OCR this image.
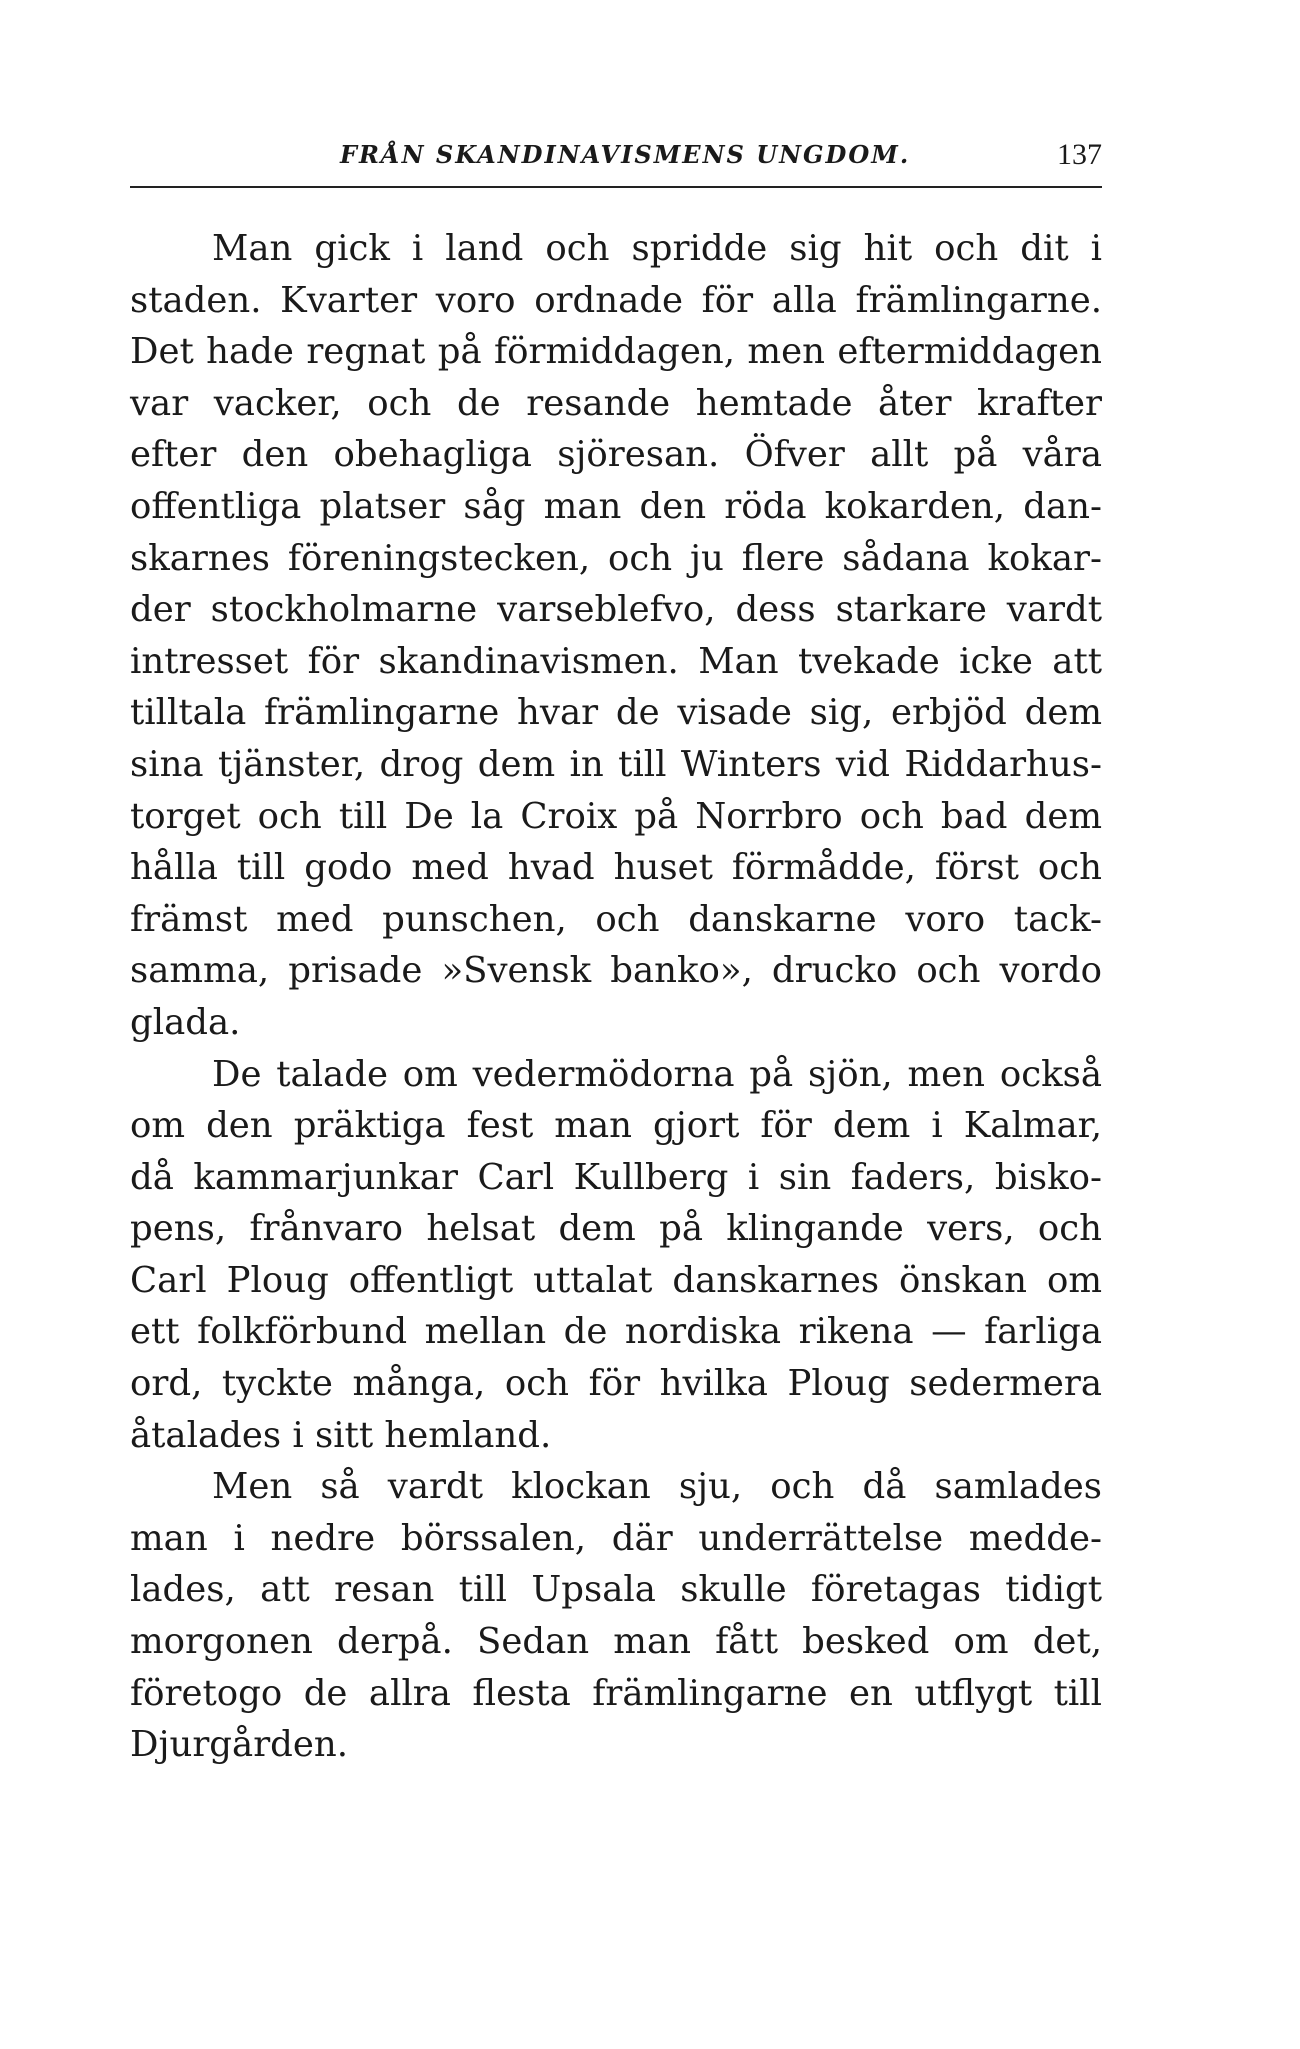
FRÅN SKANDINAVISMENS UNGDOM.	137
Man gick i land och spridde sig hit och dit i
staden. Kvarter voro ordnade för alla främlingarne.
Det hade regnat på förmiddagen, men eftermiddagen
var vacker, och de resande hemtade åter krafter
efter den obehagliga sjöresan. Öfver allt på våra
offentliga platser såg man den röda kokarden, dan-
skarnes föreningstecken, och ju flere sådana kokar-
der stockholmarne varseblefvo, dess starkare vardt
intresset för skandinavismen. Man tvekade icke att
tilltala främlingarne hvar de visade sig, erbjöd dem
sina tjänster, drog dem in till Winters vid Riddarhus-
torget och till De la Croix på Norrbro och bad dem
hålla till godo med hvad huset förmådde, först och
främst med punschen, och danskarne voro tack-
samma, prisade »Svensk banko», drucko och vordo
glada.
De talade om vedermödorna på sjön, men också
om den präktiga fest man gjort för dem i Kalmar,
då kammarjunkar Carl Kullberg i sin faders, bisko-
pens, frånvaro helsat dem på klingande vers, och
Carl Ploug offentligt uttalat danskarnes önskan om
ett folkförbund mellan de nordiska rikena — farliga
ord, tyckte många, och för hvilka Ploug sedermera
åtalades i sitt hemland.
Men så vardt klockan sju, och då samlades
man i nedre börssalen, där underrättelse medde-
lades, att resan till Upsala skulle företagas tidigt
morgonen derpå. Sedan man fått besked om det,
företogo de allra flesta främlingarne en utflygt till
Djurgården.
